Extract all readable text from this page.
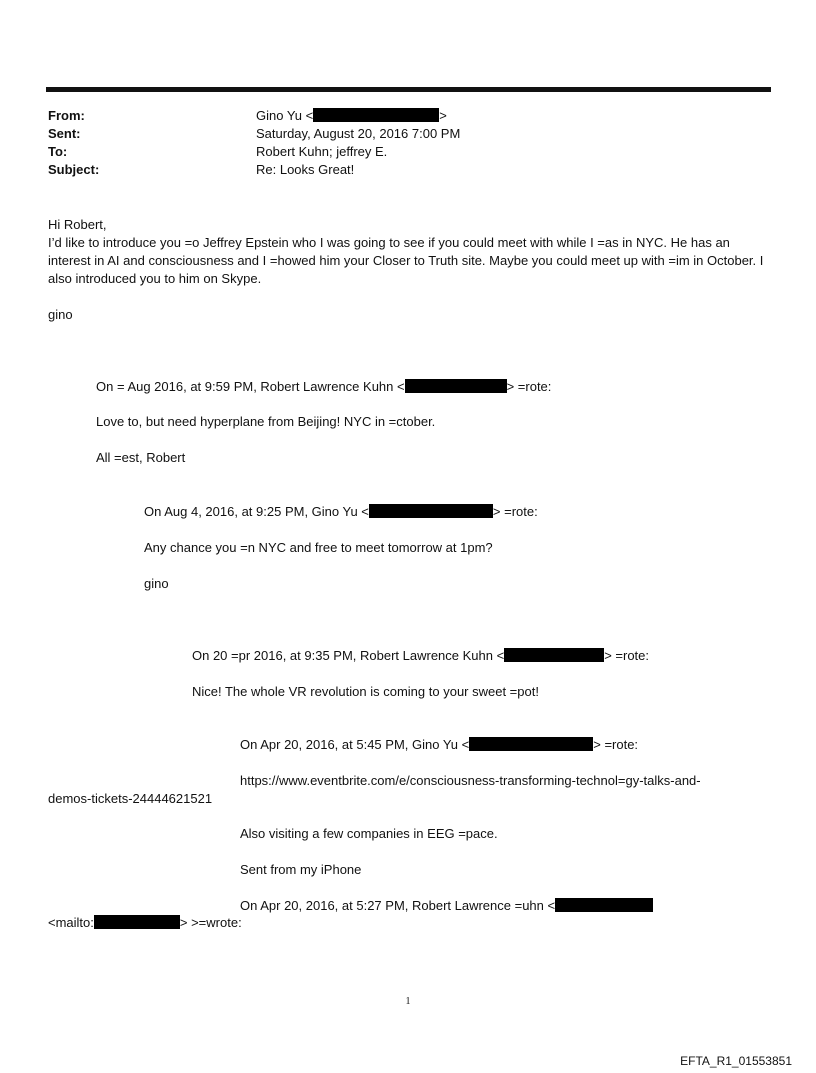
From:	Gino Yu <	>
Sent:	Saturday, August 20, 2016 7:00 PM
To:	Robert Kuhn; jeffrey E.
Subject:	Re: Looks Great!
Hi Robert,
I’d like to introduce you =o Jeffrey Epstein who I was going to see if you could meet with while I =as in NYC. He has an interest in AI and consciousness and I =howed him your Closer to Truth site. Maybe you could meet up with =im in October. I also introduced you to him on Skype.
gino
On = Aug 2016, at 9:59 PM, Robert Lawrence Kuhn <	> =rote:
Love to, but need hyperplane from Beijing! NYC in =ctober.
All =est, Robert
On Aug 4, 2016, at 9:25 PM, Gino Yu <	> =rote:
Any chance you =n NYC and free to meet tomorrow at 1pm?
gino
On 20 =pr 2016, at 9:35 PM, Robert Lawrence Kuhn <	> =rote:
Nice! The whole VR revolution is coming to your sweet =pot!
On Apr 20, 2016, at 5:45 PM, Gino Yu <	> =rote:
https://www.eventbrite.com/e/consciousness-transforming-technol=gy-talks-and-
demos-tickets-24444621521
Also visiting a few companies in EEG =pace.
Sent from my iPhone
On Apr 20, 2016, at 5:27 PM, Robert Lawrence =uhn <
<mailto:	> >=wrote:
1
EFTA_R1_01553851
